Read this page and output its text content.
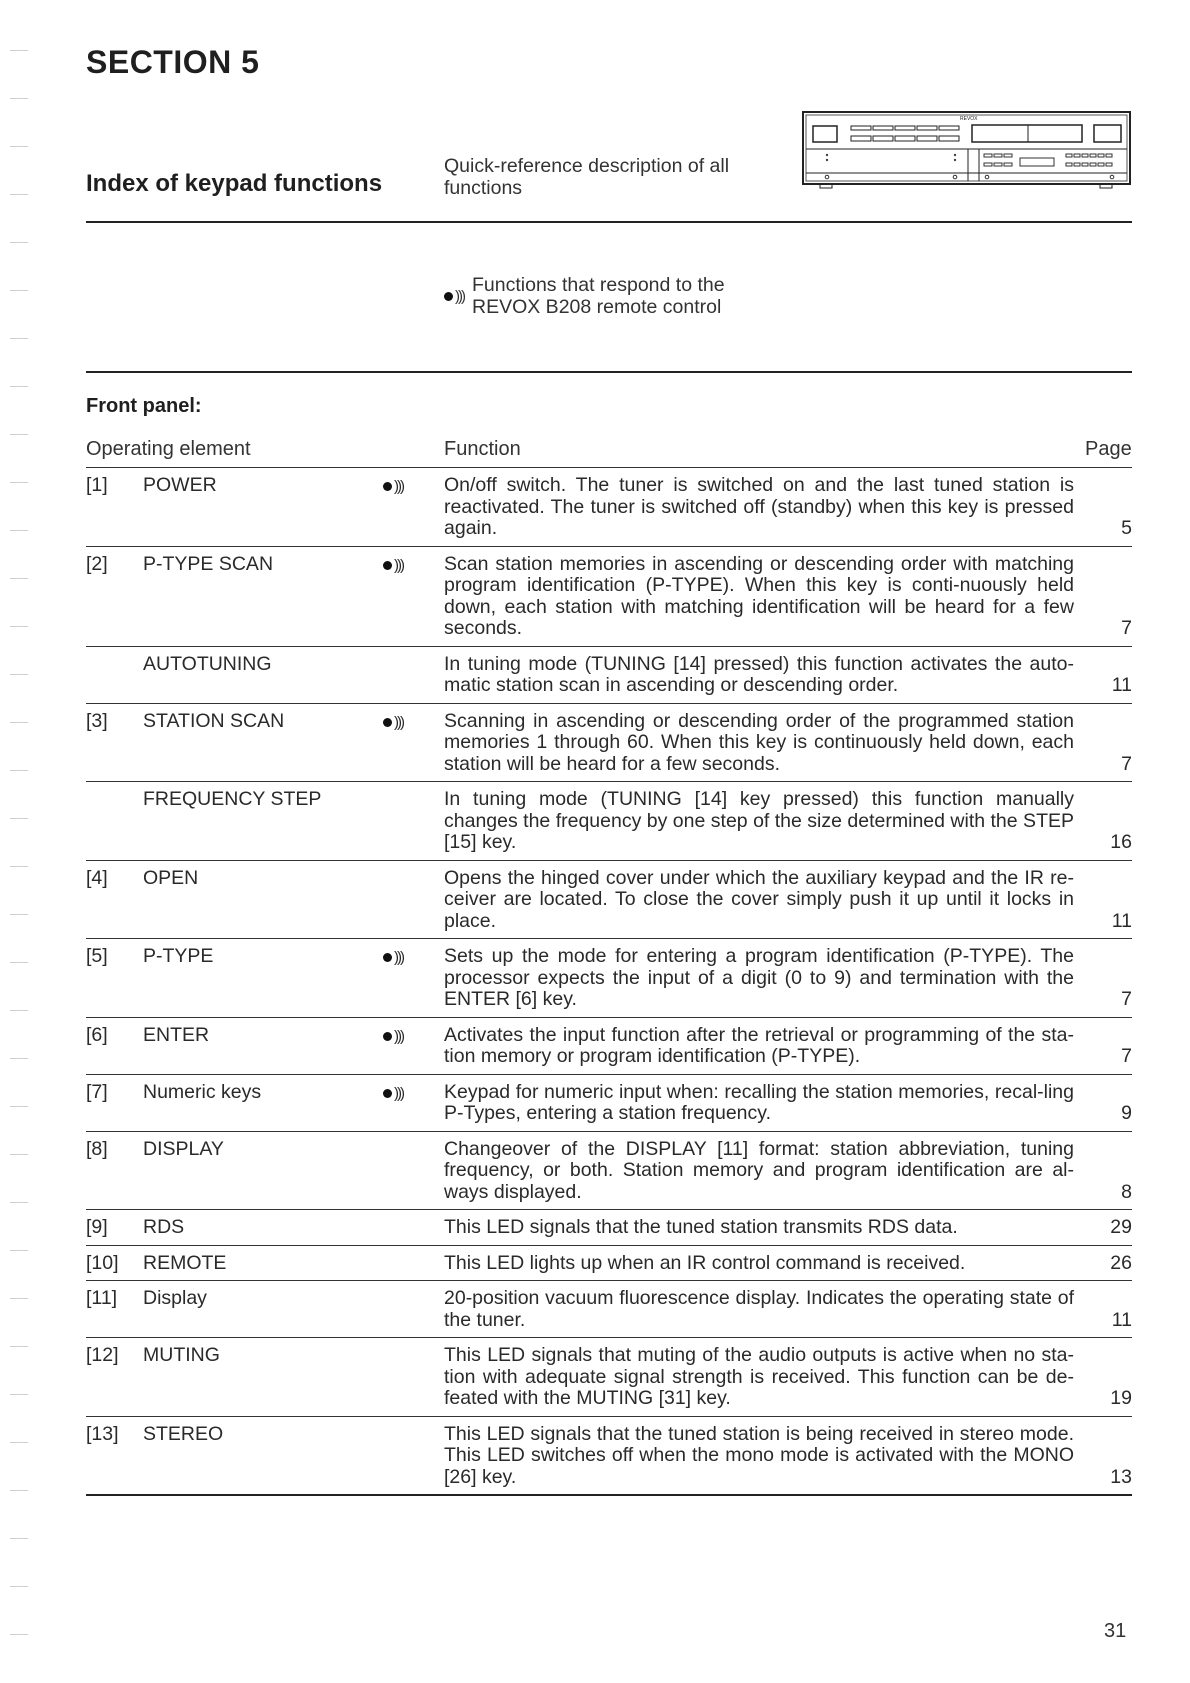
SECTION 5
Index of keypad functions
Quick-reference description of all functions
REVOX
))) Functions that respond to the REVOX B208 remote control
Front panel:
Operating element	Function	Page
[1]	POWER	)))	On/off switch. The tuner is switched on and the last tuned station is reactivated. The tuner is switched off (standby) when this key is pressed again.	5
[2]	P-TYPE SCAN	)))	Scan station memories in ascending or descending order with matching program identification (P-TYPE). When this key is conti-nuously held down, each station with matching identification will be heard for a few seconds.	7
	AUTOTUNING		In tuning mode (TUNING [14] pressed) this function activates the auto-matic station scan in ascending or descending order.	11
[3]	STATION SCAN	)))	Scanning in ascending or descending order of the programmed station memories 1 through 60. When this key is continuously held down, each station will be heard for a few seconds.	7
	FREQUENCY STEP		In tuning mode (TUNING [14] key pressed) this function manually changes the frequency by one step of the size determined with the STEP [15] key.	16
[4]	OPEN		Opens the hinged cover under which the auxiliary keypad and the IR re-ceiver are located. To close the cover simply push it up until it locks in place.	11
[5]	P-TYPE	)))	Sets up the mode for entering a program identification (P-TYPE). The processor expects the input of a digit (0 to 9) and termination with the ENTER [6] key.	7
[6]	ENTER	)))	Activates the input function after the retrieval or programming of the sta-tion memory or program identification (P-TYPE).	7
[7]	Numeric keys	)))	Keypad for numeric input when: recalling the station memories, recal-ling P-Types, entering a station frequency.	9
[8]	DISPLAY		Changeover of the DISPLAY [11] format: station abbreviation, tuning frequency, or both. Station memory and program identification are al-ways displayed.	8
[9]	RDS		This LED signals that the tuned station transmits RDS data.	29
[10]	REMOTE		This LED lights up when an IR control command is received.	26
[11]	Display		20-position vacuum fluorescence display. Indicates the operating state of the tuner.	11
[12]	MUTING		This LED signals that muting of the audio outputs is active when no sta-tion with adequate signal strength is received. This function can be de-feated with the MUTING [31] key.	19
[13]	STEREO		This LED signals that the tuned station is being received in stereo mode. This LED switches off when the mono mode is activated with the MONO [26] key.	13
31
